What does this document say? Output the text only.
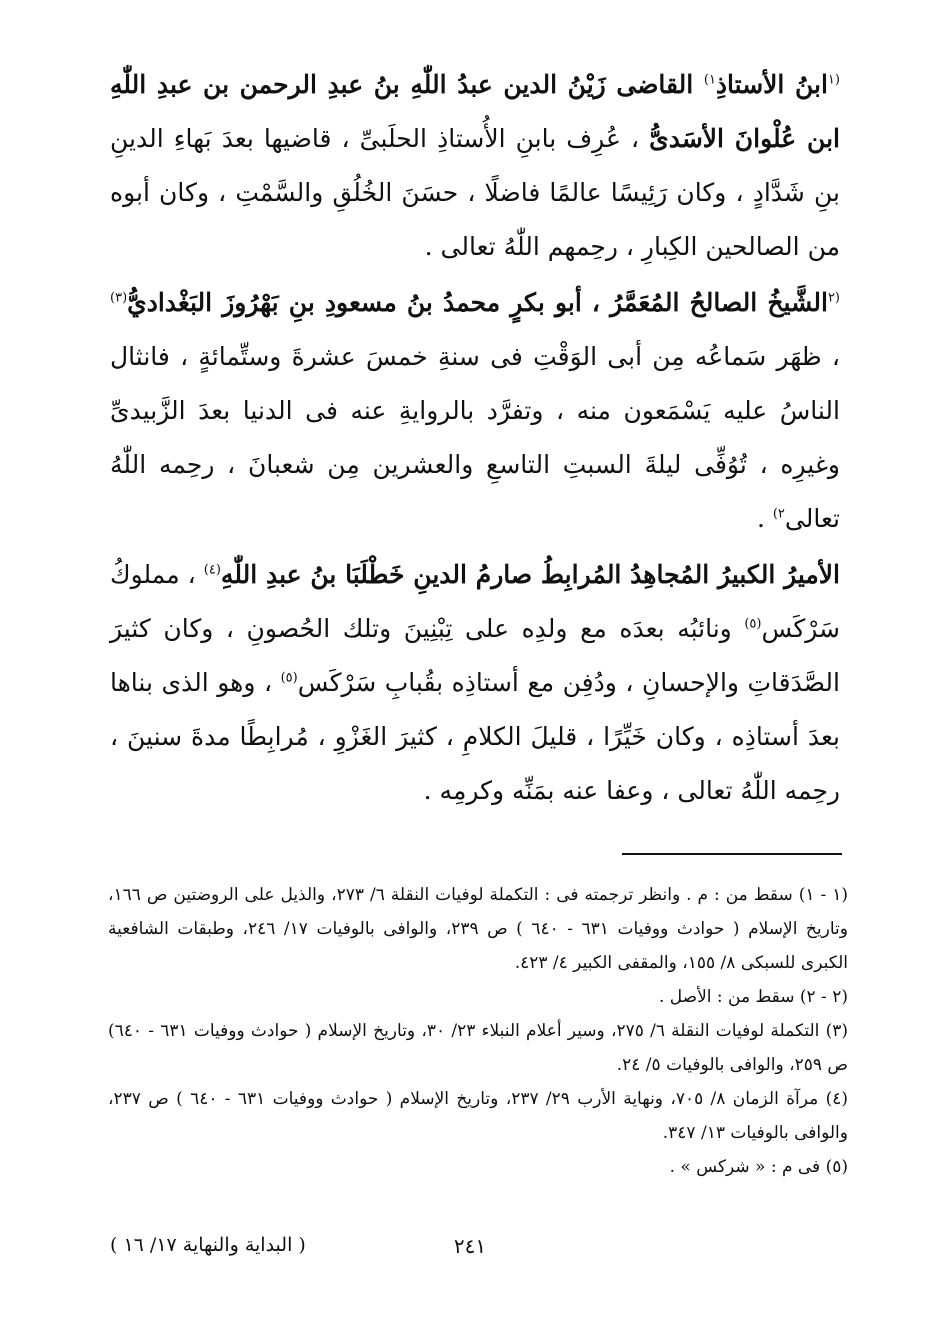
$^{(١}$ابنُ الأستاذِ$^{١)}$ القاضى زَيْنُ الدين عبدُ اللّٰهِ بنُ عبدِ الرحمن بن عبدِ اللّٰهِ ابن عُلْوانَ الأسَدىُّ ، عُرِف بابنِ الأُستاذِ الحلَبىِّ ، قاضيها بعدَ بَهاءِ الدينِ بنِ شَدَّادٍ ، وكان رَئِيسًا عالمًا فاضلًا ، حسَنَ الخُلُقِ والسَّمْتِ ، وكان أبوه من الصالحين الكِبارِ ، رحِمهم اللّٰهُ تعالى .

$^{(٢}$الشَّيخُ الصالحُ المُعَمَّرُ ، أبو بكرٍ محمدُ بنُ مسعودِ بنِ بَهْرُوزَ البَغْداديُّ$^{(٣)}$ ، ظهَر سَماعُه مِن أبى الوَقْتِ فى سنةِ خمسَ عشرةَ وستِّمائةٍ ، فانثال الناسُ عليه يَسْمَعون منه ، وتفرَّد بالروايةِ عنه فى الدنيا بعدَ الزَّبيدىِّ وغيرِه ، تُوُفِّى ليلةَ السبتِ التاسعِ والعشرين مِن شعبانَ ، رحِمه اللّٰهُ تعالى$^{٢)}$ .

الأميرُ الكبيرُ المُجاهِدُ المُرابِطُ صارمُ الدينِ خَطْلَبَا بنُ عبدِ اللّٰهِ$^{(٤)}$ ، مملوكُ سَرْكَس$^{(٥)}$ ونائبُه بعدَه مع ولدِه على تِبْنِينَ وتلك الحُصونِ ، وكان كثيرَ الصَّدَقاتِ والإحسانِ ، ودُفِن مع أستاذِه بقُبابِ سَرْكَس$^{(٥)}$ ، وهو الذى بناها بعدَ أستاذِه ، وكان خَيِّرًا ، قليلَ الكلامِ ، كثيرَ الغَزْوِ ، مُرابِطًا مدةَ سنينَ ، رحِمه اللّٰهُ تعالى ، وعفا عنه بمَنِّه وكرمِه .

(١ - ١) سقط من : م . وانظر ترجمته فى : التكملة لوفيات النقلة ٦/ ٢٧٣، والذيل على الروضتين ص ١٦٦، وتاريخ الإسلام ( حوادث ووفيات ٦٣١ - ٦٤٠ ) ص ٢٣٩، والوافى بالوفيات ١٧/ ٢٤٦، وطبقات الشافعية الكبرى للسبكى ٨/ ١٥٥، والمقفى الكبير ٤/ ٤٢٣.

(٢ - ٢) سقط من : الأصل .

(٣) التكملة لوفيات النقلة ٦/ ٢٧٥، وسير أعلام النبلاء ٢٣/ ٣٠، وتاريخ الإسلام ( حوادث ووفيات ٦٣١ - ٦٤٠) ص ٢٥٩، والوافى بالوفيات ٥/ ٢٤.

(٤) مرآة الزمان ٨/ ٧٠٥، ونهاية الأرب ٢٩/ ٢٣٧، وتاريخ الإسلام ( حوادث ووفيات ٦٣١ - ٦٤٠ ) ص ٢٣٧، والوافى بالوفيات ١٣/ ٣٤٧.

(٥) فى م : « شركس » .

٢٤١
( البداية والنهاية ١٧/ ١٦ )
